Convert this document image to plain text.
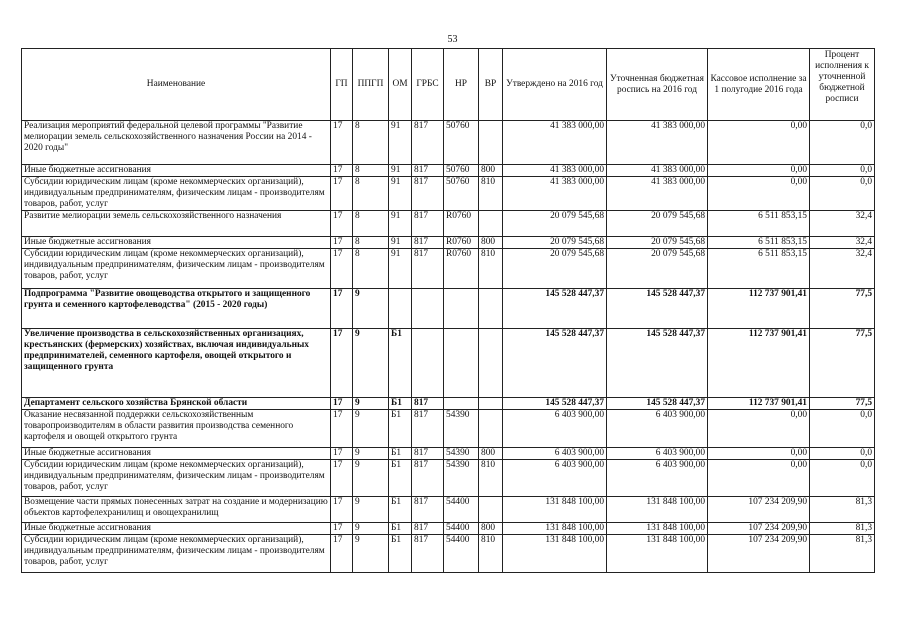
53
Наименование	ГП	ППГП	ОМ	ГРБС	НР	ВР	Утверждено на 2016 год	Уточненная бюджетная роспись на 2016 год	Кассовое исполнение за 1 полугодие 2016 года	Процент исполнения к уточненной бюджетной росписи
Реализация мероприятий федеральной целевой программы "Развитие мелиорации земель сельскохозяйственного назначения России на 2014 - 2020 годы"	17	8	91	817	50760		41 383 000,00	41 383 000,00	0,00	0,0
Иные бюджетные ассигнования	17	8	91	817	50760	800	41 383 000,00	41 383 000,00	0,00	0,0
Субсидии юридическим лицам (кроме некоммерческих организаций), индивидуальным предпринимателям, физическим лицам - производителям товаров, работ, услуг	17	8	91	817	50760	810	41 383 000,00	41 383 000,00	0,00	0,0
Развитие мелиорации земель сельскохозяйственного назначения	17	8	91	817	R0760		20 079 545,68	20 079 545,68	6 511 853,15	32,4
Иные бюджетные ассигнования	17	8	91	817	R0760	800	20 079 545,68	20 079 545,68	6 511 853,15	32,4
Субсидии юридическим лицам (кроме некоммерческих организаций), индивидуальным предпринимателям, физическим лицам - производителям товаров, работ, услуг	17	8	91	817	R0760	810	20 079 545,68	20 079 545,68	6 511 853,15	32,4
Подпрограмма "Развитие овощеводства открытого и защищенного грунта и семенного картофелеводства" (2015 - 2020 годы)	17	9					145 528 447,37	145 528 447,37	112 737 901,41	77,5
Увеличение производства в сельскохозяйственных организациях, крестьянских (фермерских) хозяйствах, включая индивидуальных предпринимателей, семенного картофеля, овощей открытого и защищенного грунта	17	9	Б1				145 528 447,37	145 528 447,37	112 737 901,41	77,5
Департамент сельского хозяйства Брянской области	17	9	Б1	817			145 528 447,37	145 528 447,37	112 737 901,41	77,5
Оказание несвязанной поддержки сельскохозяйственным товаропроизводителям в области развития производства семенного картофеля и овощей открытого грунта	17	9	Б1	817	54390		6 403 900,00	6 403 900,00	0,00	0,0
Иные бюджетные ассигнования	17	9	Б1	817	54390	800	6 403 900,00	6 403 900,00	0,00	0,0
Субсидии юридическим лицам (кроме некоммерческих организаций), индивидуальным предпринимателям, физическим лицам - производителям товаров, работ, услуг	17	9	Б1	817	54390	810	6 403 900,00	6 403 900,00	0,00	0,0
Возмещение части прямых понесенных затрат на создание и модернизацию объектов картофелехранилищ и овощехранилищ	17	9	Б1	817	54400		131 848 100,00	131 848 100,00	107 234 209,90	81,3
Иные бюджетные ассигнования	17	9	Б1	817	54400	800	131 848 100,00	131 848 100,00	107 234 209,90	81,3
Субсидии юридическим лицам (кроме некоммерческих организаций), индивидуальным предпринимателям, физическим лицам - производителям товаров, работ, услуг	17	9	Б1	817	54400	810	131 848 100,00	131 848 100,00	107 234 209,90	81,3
